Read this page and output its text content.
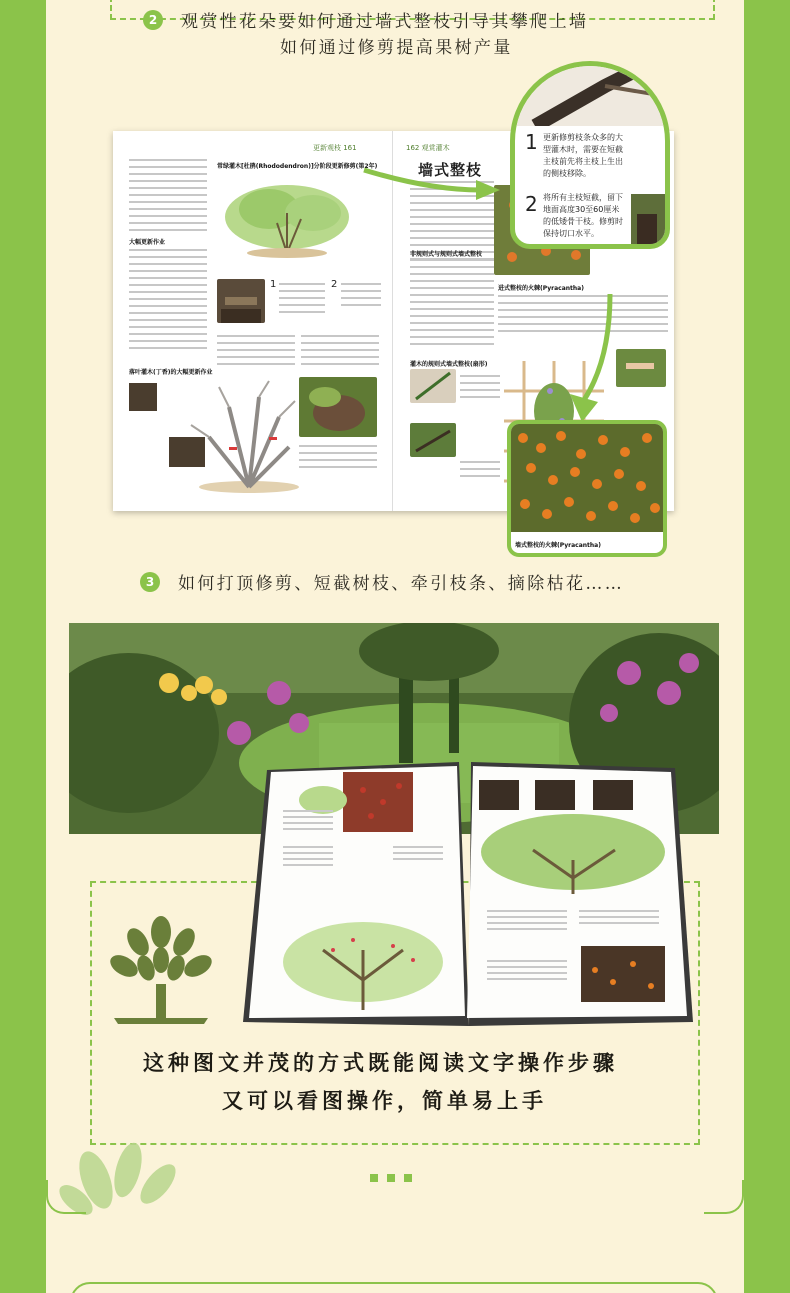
2	观赏性花朵要如何通过墙式整枝引导其攀爬上墙
如何通过修剪提高果树产量
更新观枝 161
大幅更新作业
常绿灌木[杜鹃(Rhododendron)]分阶段更新修剪(第2年)
1	2
落叶灌木(丁香)的大幅更新作业
162 观赏灌木
墙式整枝
非规则式与规则式墙式整枝
进式整枝的火棘(Pyracantha)
灌木的规则式墙式整枝(扇形)
1 更新修剪枝条众多的大型灌木时，需要在短截主枝前先将主枝上生出的侧枝移除。
2 将所有主枝短截，留下地面高度30至60厘米的低矮骨干枝。修剪时保持切口水平。
墙式整枝的火棘(Pyracantha)
3	如何打顶修剪、短截树枝、牵引枝条、摘除枯花……
这种图文并茂的方式既能阅读文字操作步骤
又可以看图操作，简单易上手
